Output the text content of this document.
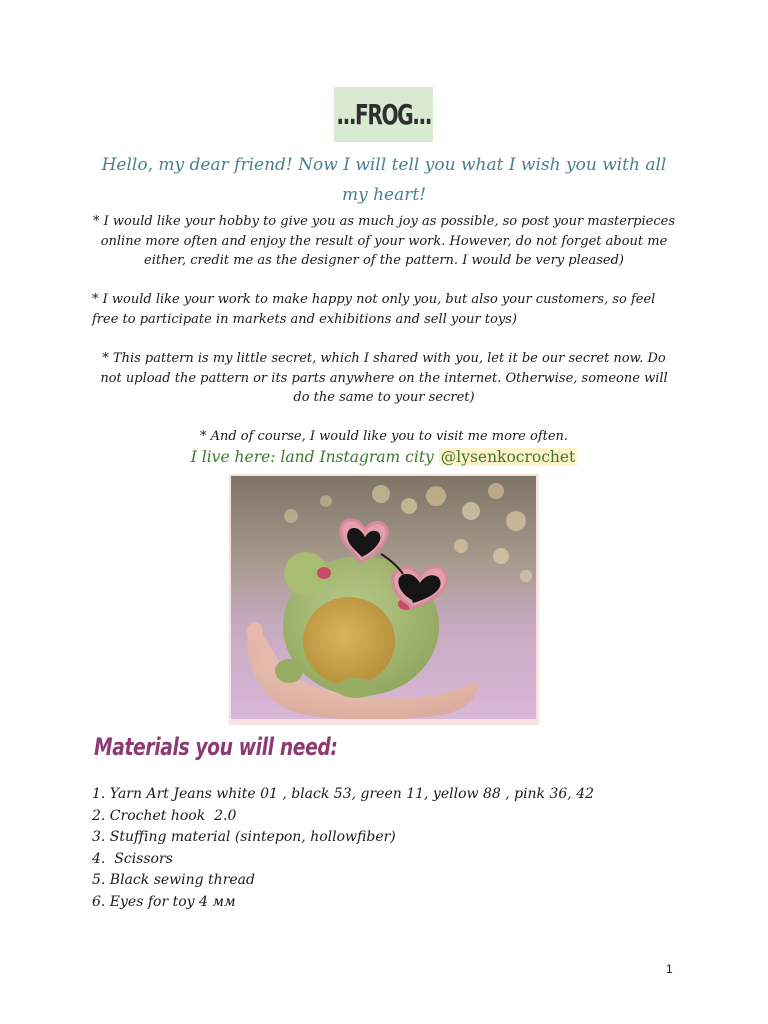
...FROG...
Hello, my dear friend! Now I will tell you what I wish you with all my heart!
* I would like your hobby to give you as much joy as possible, so post your masterpieces online more often and enjoy the result of your work. However, do not forget about me either, credit me as the designer of the pattern. I would be very pleased)
* I would like your work to make happy not only you, but also your customers, so feel free to participate in markets and exhibitions and sell your toys)
* This pattern is my little secret, which I shared with you, let it be our secret now. Do not upload the pattern or its parts anywhere on the internet. Otherwise, someone will do the same to your secret)
* And of course, I would like you to visit me more often.
I live here: land Instagram city @lysenkocrochet
Materials you will need:
1. Yarn Art Jeans white 01 , black 53, green 11, yellow 88 , pink 36, 42
2. Crochet hook  2.0
3. Stuffing material (sintepon, hollowfiber)
4.  Scissors
5. Black sewing thread
6. Eyes for toy 4 мм
1
